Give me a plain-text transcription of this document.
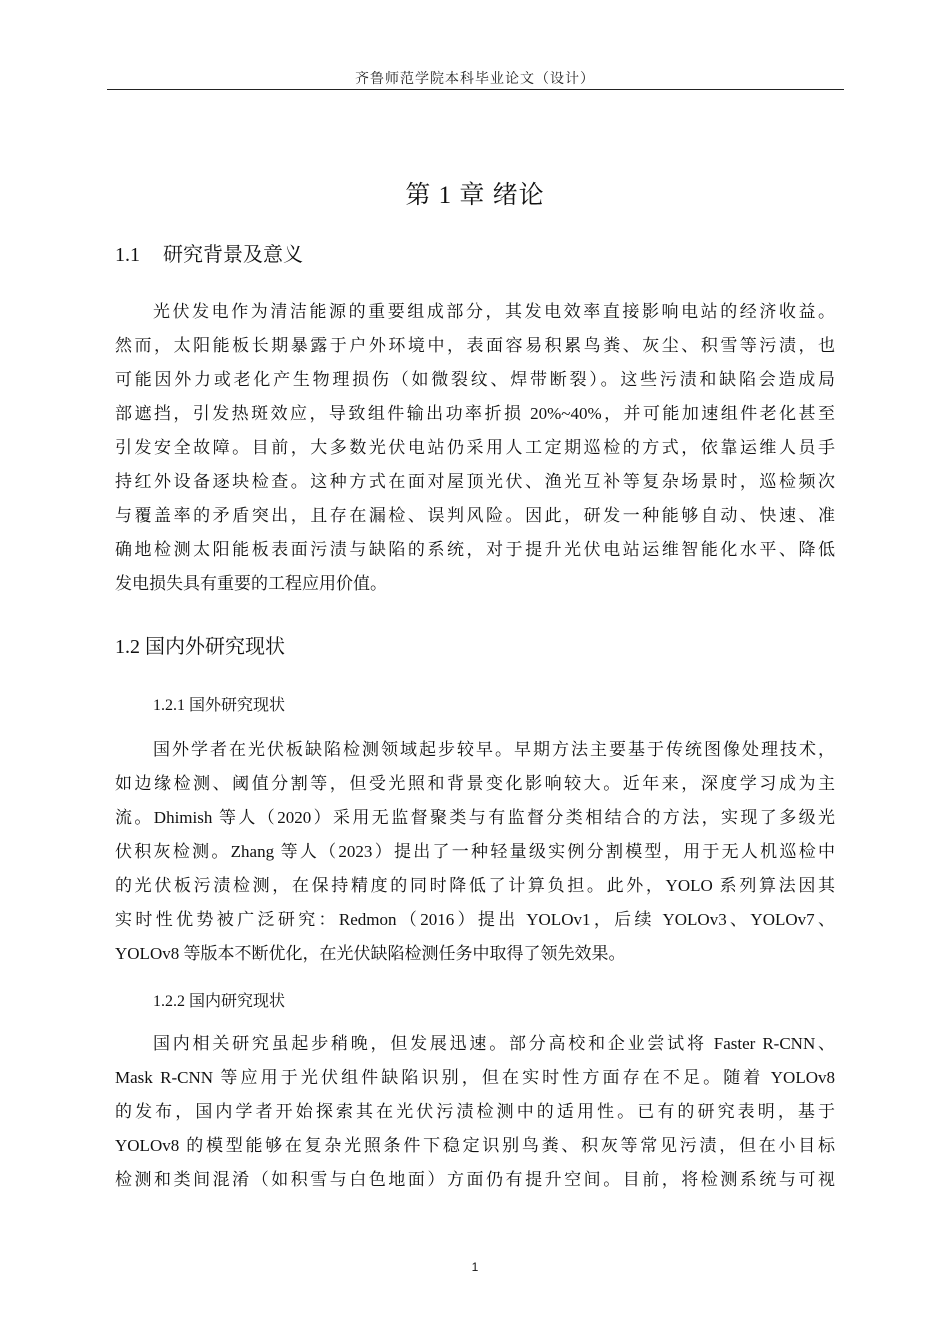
齐鲁师范学院本科毕业论文（设计）
第 1 章 绪论
1.1 研究背景及意义
光伏发电作为清洁能源的重要组成部分，其发电效率直接影响电站的经济收益。
然而，太阳能板长期暴露于户外环境中，表面容易积累鸟粪、灰尘、积雪等污渍，也
可能因外力或老化产生物理损伤（如微裂纹、焊带断裂）。这些污渍和缺陷会造成局
部遮挡，引发热斑效应，导致组件输出功率折损 20%~40%，并可能加速组件老化甚至
引发安全故障。目前，大多数光伏电站仍采用人工定期巡检的方式，依靠运维人员手
持红外设备逐块检查。这种方式在面对屋顶光伏、渔光互补等复杂场景时，巡检频次
与覆盖率的矛盾突出，且存在漏检、误判风险。因此，研发一种能够自动、快速、准
确地检测太阳能板表面污渍与缺陷的系统，对于提升光伏电站运维智能化水平、降低
发电损失具有重要的工程应用价值。
1.2 国内外研究现状
1.2.1 国外研究现状
国外学者在光伏板缺陷检测领域起步较早。早期方法主要基于传统图像处理技术，
如边缘检测、阈值分割等，但受光照和背景变化影响较大。近年来，深度学习成为主
流。Dhimish 等人（2020）采用无监督聚类与有监督分类相结合的方法，实现了多级光
伏积灰检测。Zhang 等人（2023）提出了一种轻量级实例分割模型，用于无人机巡检中
的光伏板污渍检测，在保持精度的同时降低了计算负担。此外，YOLO 系列算法因其
实时性优势被广泛研究：Redmon（2016）提出 YOLOv1，后续 YOLOv3、YOLOv7、
YOLOv8 等版本不断优化，在光伏缺陷检测任务中取得了领先效果。
1.2.2 国内研究现状
国内相关研究虽起步稍晚，但发展迅速。部分高校和企业尝试将 Faster R-CNN、
Mask R-CNN 等应用于光伏组件缺陷识别，但在实时性方面存在不足。随着 YOLOv8
的发布，国内学者开始探索其在光伏污渍检测中的适用性。已有的研究表明，基于
YOLOv8 的模型能够在复杂光照条件下稳定识别鸟粪、积灰等常见污渍，但在小目标
检测和类间混淆（如积雪与白色地面）方面仍有提升空间。目前，将检测系统与可视
1
